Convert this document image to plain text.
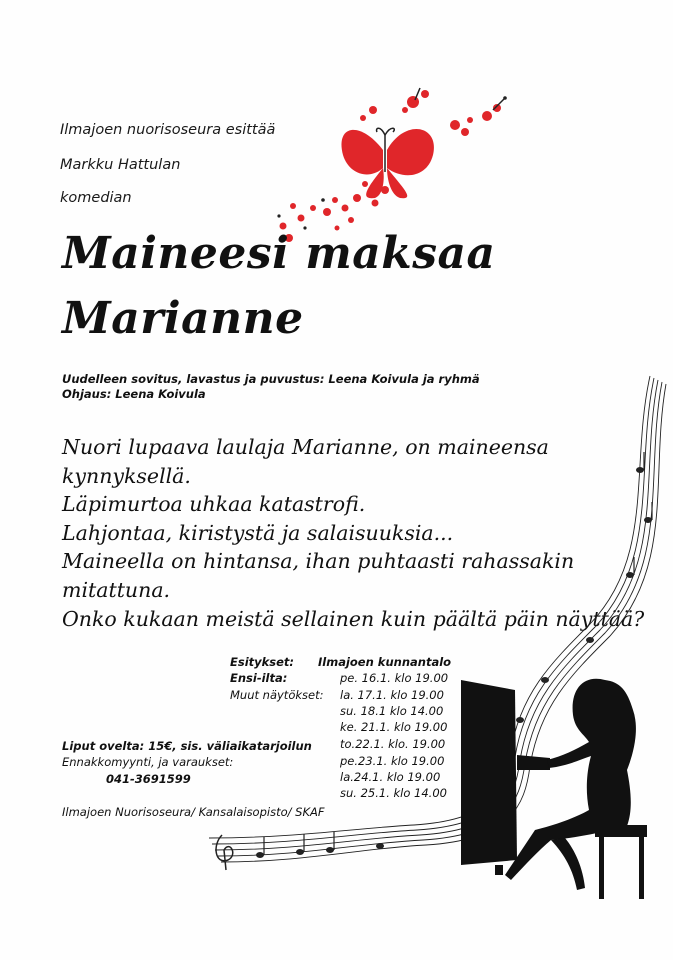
Ilmajoen nuorisoseura esittää
Markku Hattulan
komedian
Maineesi maksaa
Marianne
Uudelleen sovitus, lavastus ja puvustus: Leena Koivula ja ryhmä
Ohjaus: Leena Koivula
Nuori lupaava laulaja Marianne, on maineensa
kynnyksellä.
Läpimurtoa uhkaa katastrofi.
Lahjontaa, kiristystä ja salaisuuksia...
Maineella on hintansa, ihan puhtaasti rahassakin
mitattuna.
Onko kukaan meistä sellainen kuin päältä päin näyttää?
Esitykset: Ilmajoen kunnantalo
Ensi-ilta:
Muut näytökset:
pe. 16.1. klo 19.00
la. 17.1. klo 19.00
su. 18.1 klo 14.00
ke. 21.1. klo 19.00
to.22.1. klo. 19.00
pe.23.1. klo 19.00
la.24.1. klo 19.00
su. 25.1. klo 14.00
Liput ovelta: 15€, sis. väliaikatarjoilun
Ennakkomyynti, ja varaukset:
041-3691599
Ilmajoen Nuorisoseura/ Kansalaisopisto/ SKAF
